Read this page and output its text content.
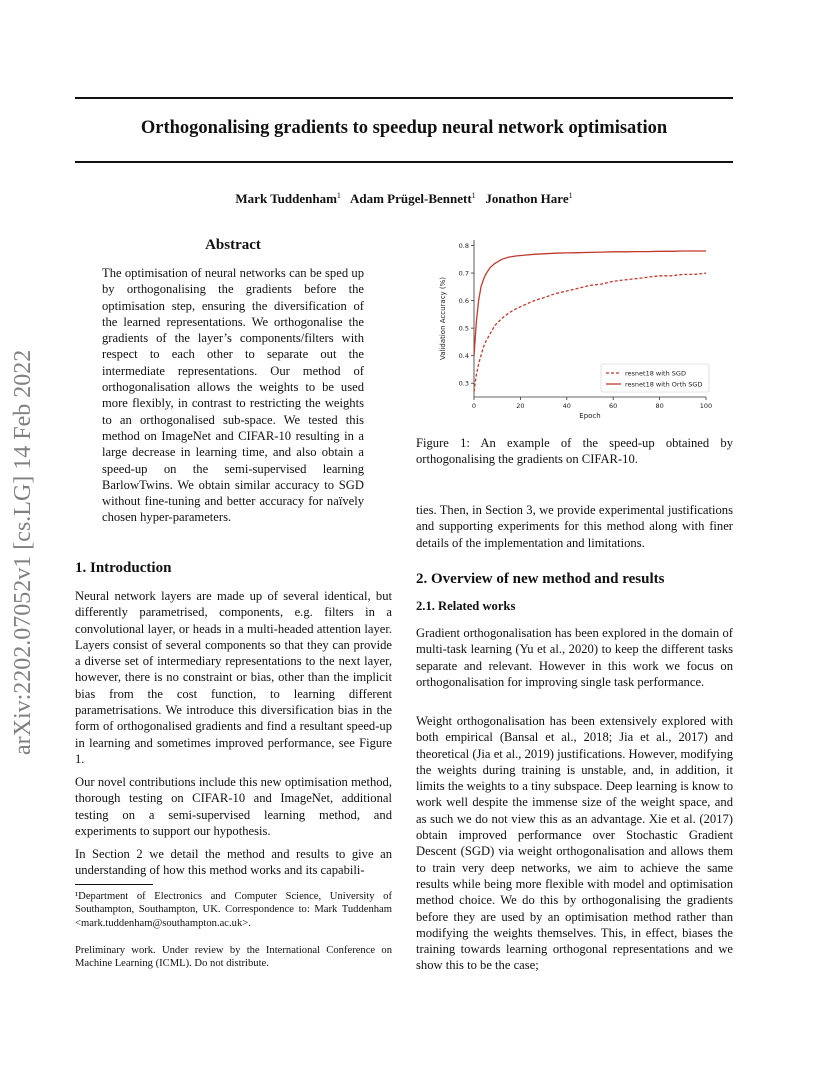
Orthogonalising gradients to speedup neural network optimisation
Mark Tuddenham$^1$ Adam Prügel-Bennett$^1$ Jonathon Hare$^1$
arXiv:2202.07052v1 [cs.LG] 14 Feb 2022
Abstract

The optimisation of neural networks can be sped up by orthogonalising the gradients before the optimisation step, ensuring the diversification of the learned representations. We orthogonalise the gradients of the layer’s components/filters with respect to each other to separate out the intermediate representations. Our method of orthogonalisation allows the weights to be used more flexibly, in contrast to restricting the weights to an orthogonalised sub-space. We tested this method on ImageNet and CIFAR-10 resulting in a large decrease in learning time, and also obtain a speed-up on the semi-supervised learning BarlowTwins. We obtain similar accuracy to SGD without fine-tuning and better accuracy for naïvely chosen hyper-parameters.

1. Introduction

Neural network layers are made up of several identical, but differently parametrised, components, e.g. filters in a convolutional layer, or heads in a multi-headed attention layer. Layers consist of several components so that they can provide a diverse set of intermediary representations to the next layer, however, there is no constraint or bias, other than the implicit bias from the cost function, to learning different parametrisations. We introduce this diversification bias in the form of orthogonalised gradients and find a resultant speed-up in learning and sometimes improved performance, see Figure 1.

Our novel contributions include this new optimisation method, thorough testing on CIFAR-10 and ImageNet, additional testing on a semi-supervised learning method, and experiments to support our hypothesis.

In Section 2 we detail the method and results to give an understanding of how this method works and its capabili-

¹Department of Electronics and Computer Science, University of Southampton, Southampton, UK. Correspondence to: Mark Tuddenham <mark.tuddenham@southampton.ac.uk>.

Preliminary work. Under review by the International Conference on Machine Learning (ICML). Do not distribute.

0.3
0.4
0.5
0.6
0.7
0.8
0	20	40	60	80	100
Epoch
Validation Accuracy (%)
resnet18 with SGD
resnet18 with Orth SGD

Figure 1: An example of the speed-up obtained by orthogonalising the gradients on CIFAR-10.

ties. Then, in Section 3, we provide experimental justifications and supporting experiments for this method along with finer details of the implementation and limitations.

2. Overview of new method and results
2.1. Related works

Gradient orthogonalisation has been explored in the domain of multi-task learning (Yu et al., 2020) to keep the different tasks separate and relevant. However in this work we focus on orthogonalisation for improving single task performance.

Weight orthogonalisation has been extensively explored with both empirical (Bansal et al., 2018; Jia et al., 2017) and theoretical (Jia et al., 2019) justifications. However, modifying the weights during training is unstable, and, in addition, it limits the weights to a tiny subspace. Deep learning is know to work well despite the immense size of the weight space, and as such we do not view this as an advantage. Xie et al. (2017) obtain improved performance over Stochastic Gradient Descent (SGD) via weight orthogonalisation and allows them to train very deep networks, we aim to achieve the same results while being more flexible with model and optimisation method choice. We do this by orthogonalising the gradients before they are used by an optimisation method rather than modifying the weights themselves. This, in effect, biases the training towards learning orthogonal representations and we show this to be the case;
